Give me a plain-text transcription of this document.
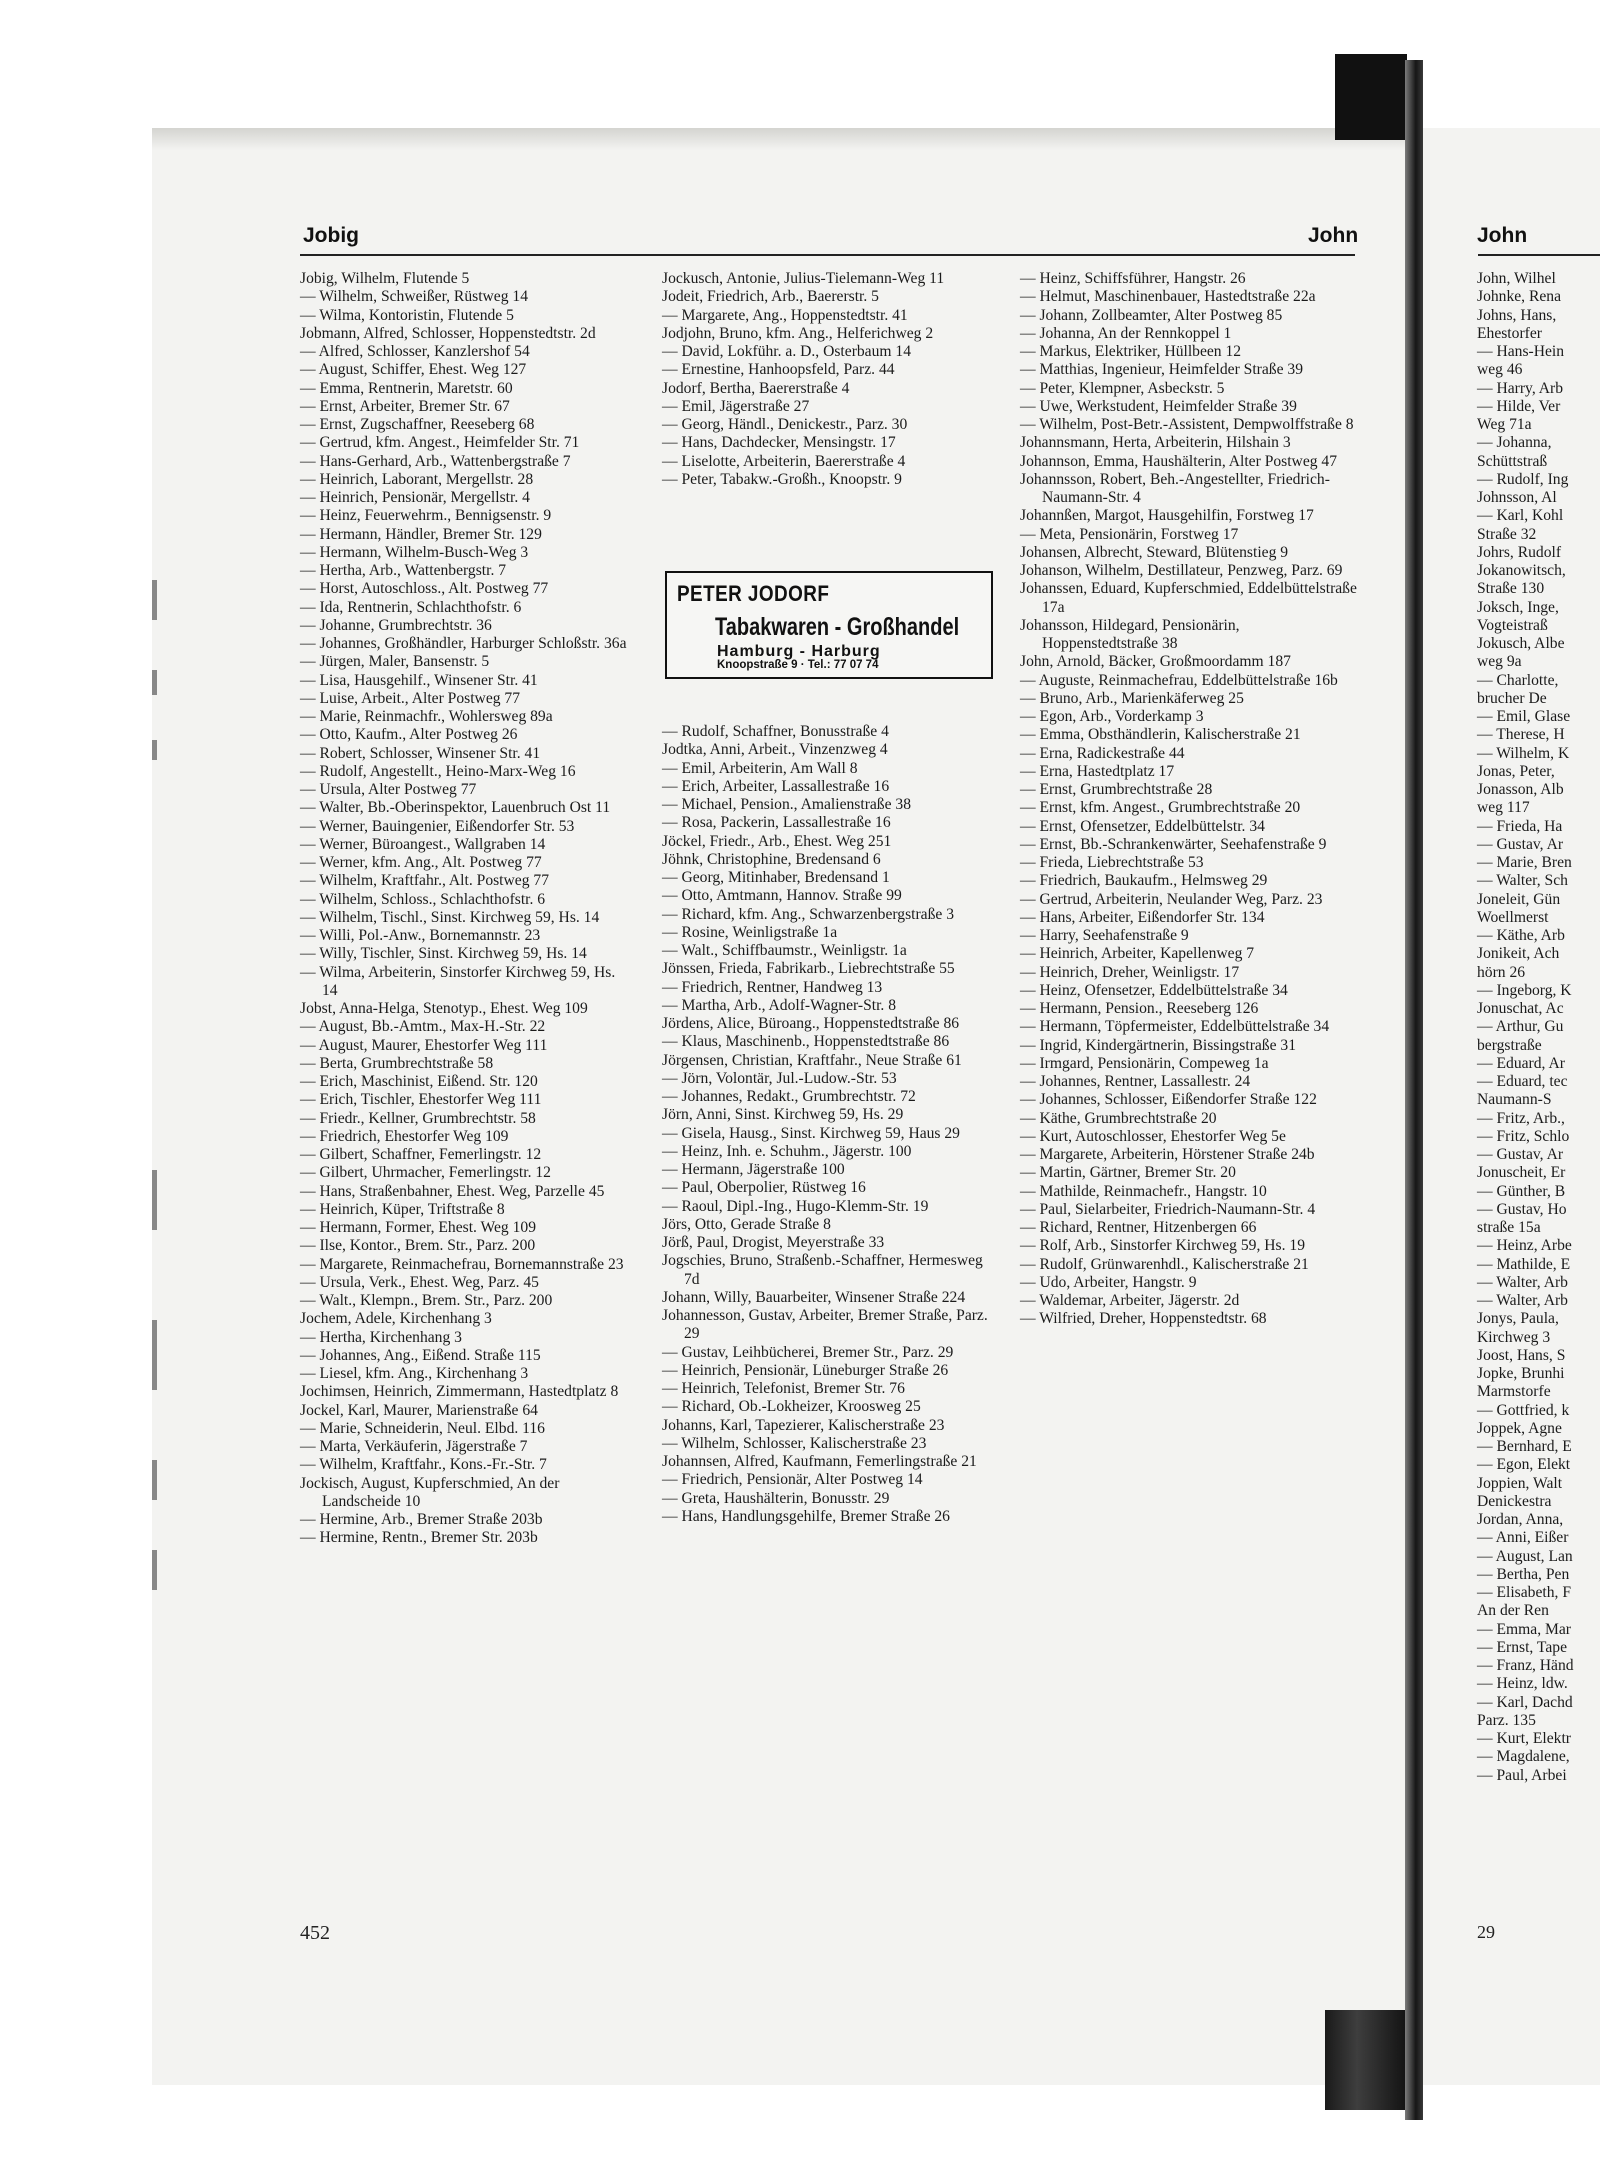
Jobig	John

Jobig, Wilhelm, Flutende 5

— Wilhelm, Schweißer, Rüstweg 14

— Wilma, Kontoristin, Flutende 5

Jobmann, Alfred, Schlosser, Hoppenstedtstr. 2d

— Alfred, Schlosser, Kanzlershof 54

— August, Schiffer, Ehest. Weg 127

— Emma, Rentnerin, Maretstr. 60

— Ernst, Arbeiter, Bremer Str. 67

— Ernst, Zugschaffner, Reeseberg 68

— Gertrud, kfm. Angest., Heimfelder Str. 71

— Hans-Gerhard, Arb., Wattenbergstraße 7

— Heinrich, Laborant, Mergellstr. 28

— Heinrich, Pensionär, Mergellstr. 4

— Heinz, Feuerwehrm., Bennigsenstr. 9

— Hermann, Händler, Bremer Str. 129

— Hermann, Wilhelm-Busch-Weg 3

— Hertha, Arb., Wattenbergstr. 7

— Horst, Autoschloss., Alt. Postweg 77

— Ida, Rentnerin, Schlachthofstr. 6

— Johanne, Grumbrechtstr. 36

— Johannes, Großhändler, Harburger Schloßstr. 36a

— Jürgen, Maler, Bansenstr. 5

— Lisa, Hausgehilf., Winsener Str. 41

— Luise, Arbeit., Alter Postweg 77

— Marie, Reinmachfr., Wohlersweg 89a

— Otto, Kaufm., Alter Postweg 26

— Robert, Schlosser, Winsener Str. 41

— Rudolf, Angestellt., Heino-Marx-Weg 16

— Ursula, Alter Postweg 77

— Walter, Bb.-Oberinspektor, Lauenbruch Ost 11

— Werner, Bauingenier, Eißendorfer Str. 53

— Werner, Büroangest., Wallgraben 14

— Werner, kfm. Ang., Alt. Postweg 77

— Wilhelm, Kraftfahr., Alt. Postweg 77

— Wilhelm, Schloss., Schlachthofstr. 6

— Wilhelm, Tischl., Sinst. Kirchweg 59, Hs. 14

— Willi, Pol.-Anw., Bornemannstr. 23

— Willy, Tischler, Sinst. Kirchweg 59, Hs. 14

— Wilma, Arbeiterin, Sinstorfer Kirchweg 59, Hs. 14

Jobst, Anna-Helga, Stenotyp., Ehest. Weg 109

— August, Bb.-Amtm., Max-H.-Str. 22

— August, Maurer, Ehestorfer Weg 111

— Berta, Grumbrechtstraße 58

— Erich, Maschinist, Eißend. Str. 120

— Erich, Tischler, Ehestorfer Weg 111

— Friedr., Kellner, Grumbrechtstr. 58

— Friedrich, Ehestorfer Weg 109

— Gilbert, Schaffner, Femerlingstr. 12

— Gilbert, Uhrmacher, Femerlingstr. 12

— Hans, Straßenbahner, Ehest. Weg, Parzelle 45

— Heinrich, Küper, Triftstraße 8

— Hermann, Former, Ehest. Weg 109

— Ilse, Kontor., Brem. Str., Parz. 200

— Margarete, Reinmachefrau, Bornemannstraße 23

— Ursula, Verk., Ehest. Weg, Parz. 45

— Walt., Klempn., Brem. Str., Parz. 200

Jochem, Adele, Kirchenhang 3

— Hertha, Kirchenhang 3

— Johannes, Ang., Eißend. Straße 115

— Liesel, kfm. Ang., Kirchenhang 3

Jochimsen, Heinrich, Zimmermann, Hastedtplatz 8

Jockel, Karl, Maurer, Marienstraße 64

— Marie, Schneiderin, Neul. Elbd. 116

— Marta, Verkäuferin, Jägerstraße 7

— Wilhelm, Kraftfahr., Kons.-Fr.-Str. 7

Jockisch, August, Kupferschmied, An der Landscheide 10

— Hermine, Arb., Bremer Straße 203b

— Hermine, Rentn., Bremer Str. 203b

Jockusch, Antonie, Julius-Tielemann-Weg 11

Jodeit, Friedrich, Arb., Baererstr. 5

— Margarete, Ang., Hoppenstedtstr. 41

Jodjohn, Bruno, kfm. Ang., Helferichweg 2

— David, Lokführ. a. D., Osterbaum 14

— Ernestine, Hanhoopsfeld, Parz. 44

Jodorf, Bertha, Baererstraße 4

— Emil, Jägerstraße 27

— Georg, Händl., Denickestr., Parz. 30

— Hans, Dachdecker, Mensingstr. 17

— Liselotte, Arbeiterin, Baererstraße 4

— Peter, Tabakw.-Großh., Knoopstr. 9

PETER JODORF
Tabakwaren - Großhandel
Hamburg - Harburg
Knoopstraße 9 · Tel.: 77 07 74

— Rudolf, Schaffner, Bonusstraße 4

Jodtka, Anni, Arbeit., Vinzenzweg 4

— Emil, Arbeiterin, Am Wall 8

— Erich, Arbeiter, Lassallestraße 16

— Michael, Pension., Amalienstraße 38

— Rosa, Packerin, Lassallestraße 16

Jöckel, Friedr., Arb., Ehest. Weg 251

Jöhnk, Christophine, Bredensand 6

— Georg, Mitinhaber, Bredensand 1

— Otto, Amtmann, Hannov. Straße 99

— Richard, kfm. Ang., Schwarzenbergstraße 3

— Rosine, Weinligstraße 1a

— Walt., Schiffbaumstr., Weinligstr. 1a

Jönssen, Frieda, Fabrikarb., Liebrechtstraße 55

— Friedrich, Rentner, Handweg 13

— Martha, Arb., Adolf-Wagner-Str. 8

Jördens, Alice, Büroang., Hoppenstedtstraße 86

— Klaus, Maschinenb., Hoppenstedtstraße 86

Jörgensen, Christian, Kraftfahr., Neue Straße 61

— Jörn, Volontär, Jul.-Ludow.-Str. 53

— Johannes, Redakt., Grumbrechtstr. 72

Jörn, Anni, Sinst. Kirchweg 59, Hs. 29

— Gisela, Hausg., Sinst. Kirchweg 59, Haus 29

— Heinz, Inh. e. Schuhm., Jägerstr. 100

— Hermann, Jägerstraße 100

— Paul, Oberpolier, Rüstweg 16

— Raoul, Dipl.-Ing., Hugo-Klemm-Str. 19

Jörs, Otto, Gerade Straße 8

Jörß, Paul, Drogist, Meyerstraße 33

Jogschies, Bruno, Straßenb.-Schaffner, Hermesweg 7d

Johann, Willy, Bauarbeiter, Winsener Straße 224

Johannesson, Gustav, Arbeiter, Bremer Straße, Parz. 29

— Gustav, Leihbücherei, Bremer Str., Parz. 29

— Heinrich, Pensionär, Lüneburger Straße 26

— Heinrich, Telefonist, Bremer Str. 76

— Richard, Ob.-Lokheizer, Kroosweg 25

Johanns, Karl, Tapezierer, Kalischerstraße 23

— Wilhelm, Schlosser, Kalischerstraße 23

Johannsen, Alfred, Kaufmann, Femerlingstraße 21

— Friedrich, Pensionär, Alter Postweg 14

— Greta, Haushälterin, Bonusstr. 29

— Hans, Handlungsgehilfe, Bremer Straße 26

— Heinz, Schiffsführer, Hangstr. 26

— Helmut, Maschinenbauer, Hastedtstraße 22a

— Johann, Zollbeamter, Alter Postweg 85

— Johanna, An der Rennkoppel 1

— Markus, Elektriker, Hüllbeen 12

— Matthias, Ingenieur, Heimfelder Straße 39

— Peter, Klempner, Asbeckstr. 5

— Uwe, Werkstudent, Heimfelder Straße 39

— Wilhelm, Post-Betr.-Assistent, Dempwolffstraße 8

Johannsmann, Herta, Arbeiterin, Hilshain 3

Johannson, Emma, Haushälterin, Alter Postweg 47

Johannsson, Robert, Beh.-Angestellter, Friedrich-Naumann-Str. 4

Johannßen, Margot, Hausgehilfin, Forstweg 17

— Meta, Pensionärin, Forstweg 17

Johansen, Albrecht, Steward, Blütenstieg 9

Johanson, Wilhelm, Destillateur, Penzweg, Parz. 69

Johanssen, Eduard, Kupferschmied, Eddelbüttelstraße 17a

Johansson, Hildegard, Pensionärin, Hoppenstedtstraße 38

John, Arnold, Bäcker, Großmoordamm 187

— Auguste, Reinmachefrau, Eddelbüttelstraße 16b

— Bruno, Arb., Marienkäferweg 25

— Egon, Arb., Vorderkamp 3

— Emma, Obsthändlerin, Kalischerstraße 21

— Erna, Radickestraße 44

— Erna, Hastedtplatz 17

— Ernst, Grumbrechtstraße 28

— Ernst, kfm. Angest., Grumbrechtstraße 20

— Ernst, Ofensetzer, Eddelbüttelstr. 34

— Ernst, Bb.-Schrankenwärter, Seehafenstraße 9

— Frieda, Liebrechtstraße 53

— Friedrich, Baukaufm., Helmsweg 29

— Gertrud, Arbeiterin, Neulander Weg, Parz. 23

— Hans, Arbeiter, Eißendorfer Str. 134

— Harry, Seehafenstraße 9

— Heinrich, Arbeiter, Kapellenweg 7

— Heinrich, Dreher, Weinligstr. 17

— Heinz, Ofensetzer, Eddelbüttelstraße 34

— Hermann, Pension., Reeseberg 126

— Hermann, Töpfermeister, Eddelbüttelstraße 34

— Ingrid, Kindergärtnerin, Bissingstraße 31

— Irmgard, Pensionärin, Compeweg 1a

— Johannes, Rentner, Lassallestr. 24

— Johannes, Schlosser, Eißendorfer Straße 122

— Käthe, Grumbrechtstraße 20

— Kurt, Autoschlosser, Ehestorfer Weg 5e

— Margarete, Arbeiterin, Hörstener Straße 24b

— Martin, Gärtner, Bremer Str. 20

— Mathilde, Reinmachefr., Hangstr. 10

— Paul, Sielarbeiter, Friedrich-Naumann-Str. 4

— Richard, Rentner, Hitzenbergen 66

— Rolf, Arb., Sinstorfer Kirchweg 59, Hs. 19

— Rudolf, Grünwarenhdl., Kalischerstraße 21

— Udo, Arbeiter, Hangstr. 9

— Waldemar, Arbeiter, Jägerstr. 2d

— Wilfried, Dreher, Hoppenstedtstr. 68

John

John, Wilhel

Johnke, Rena

Johns, Hans,

Ehestorfer

— Hans-Hein

weg 46

— Harry, Arb

— Hilde, Ver

Weg 71a

— Johanna,

Schüttstraß

— Rudolf, Ing

Johnsson, Al

— Karl, Kohl

Straße 32

Johrs, Rudolf

Jokanowitsch,

Straße 130

Joksch, Inge,

Vogteistraß

Jokusch, Albe

weg 9a

— Charlotte,

brucher De

— Emil, Glase

— Therese, H

— Wilhelm, K

Jonas, Peter,

Jonasson, Alb

weg 117

— Frieda, Ha

— Gustav, Ar

— Marie, Bren

— Walter, Sch

Joneleit, Gün

Woellmerst

— Käthe, Arb

Jonikeit, Ach

hörn 26

— Ingeborg, K

Jonuschat, Ac

— Arthur, Gu

bergstraße

— Eduard, Ar

— Eduard, tec

Naumann-S

— Fritz, Arb.,

— Fritz, Schlo

— Gustav, Ar

Jonuscheit, Er

— Günther, B

— Gustav, Ho

straße 15a

— Heinz, Arbe

— Mathilde, E

— Walter, Arb

— Walter, Arb

Jonys, Paula,

Kirchweg 3

Joost, Hans, S

Jopke, Brunhi

Marmstorfe

— Gottfried, k

Joppek, Agne

— Bernhard, E

— Egon, Elekt

Joppien, Walt

Denickestra

Jordan, Anna,

— Anni, Eißer

— August, Lan

— Bertha, Pen

— Elisabeth, F

An der Ren

— Emma, Mar

— Ernst, Tape

— Franz, Händ

— Heinz, ldw.

— Karl, Dachd

Parz. 135

— Kurt, Elektr

— Magdalene,

— Paul, Arbei

29
452
